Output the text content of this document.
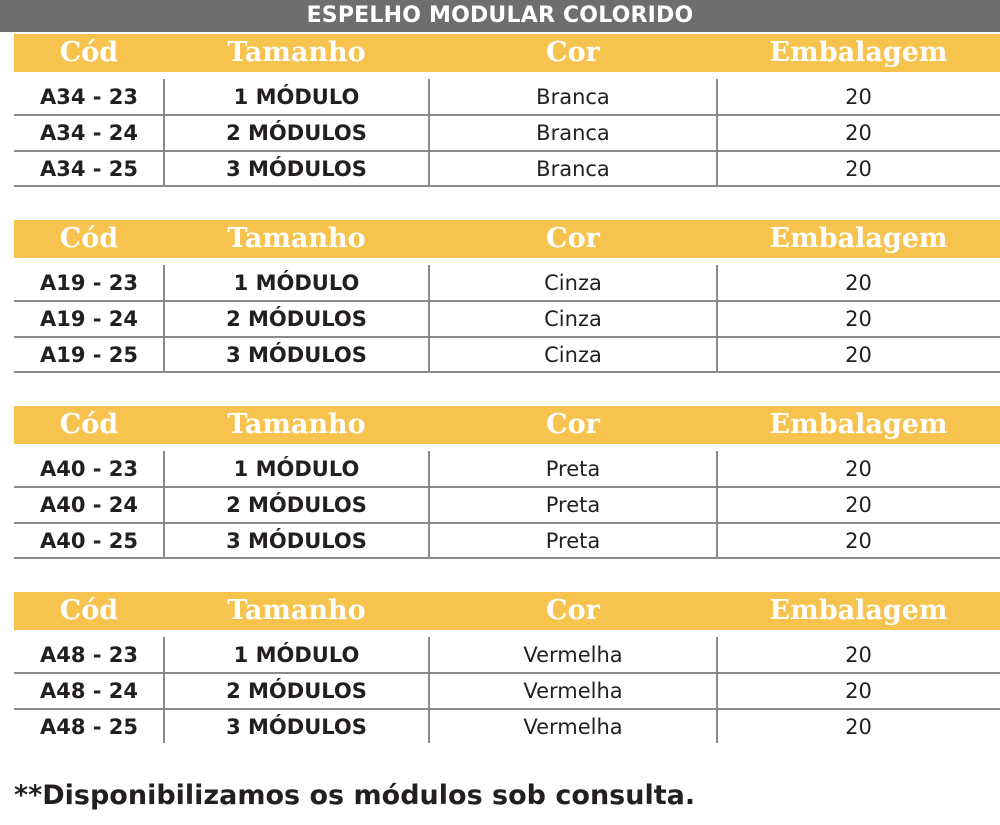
ESPELHO MODULAR COLORIDO
Cód	Tamanho	Cor	Embalagem
A34 - 23	1 MÓDULO	Branca	20
A34 - 24	2 MÓDULOS	Branca	20
A34 - 25	3 MÓDULOS	Branca	20
Cód	Tamanho	Cor	Embalagem
A19 - 23	1 MÓDULO	Cinza	20
A19 - 24	2 MÓDULOS	Cinza	20
A19 - 25	3 MÓDULOS	Cinza	20
Cód	Tamanho	Cor	Embalagem
A40 - 23	1 MÓDULO	Preta	20
A40 - 24	2 MÓDULOS	Preta	20
A40 - 25	3 MÓDULOS	Preta	20
Cód	Tamanho	Cor	Embalagem
A48 - 23	1 MÓDULO	Vermelha	20
A48 - 24	2 MÓDULOS	Vermelha	20
A48 - 25	3 MÓDULOS	Vermelha	20
**Disponibilizamos os módulos sob consulta.
